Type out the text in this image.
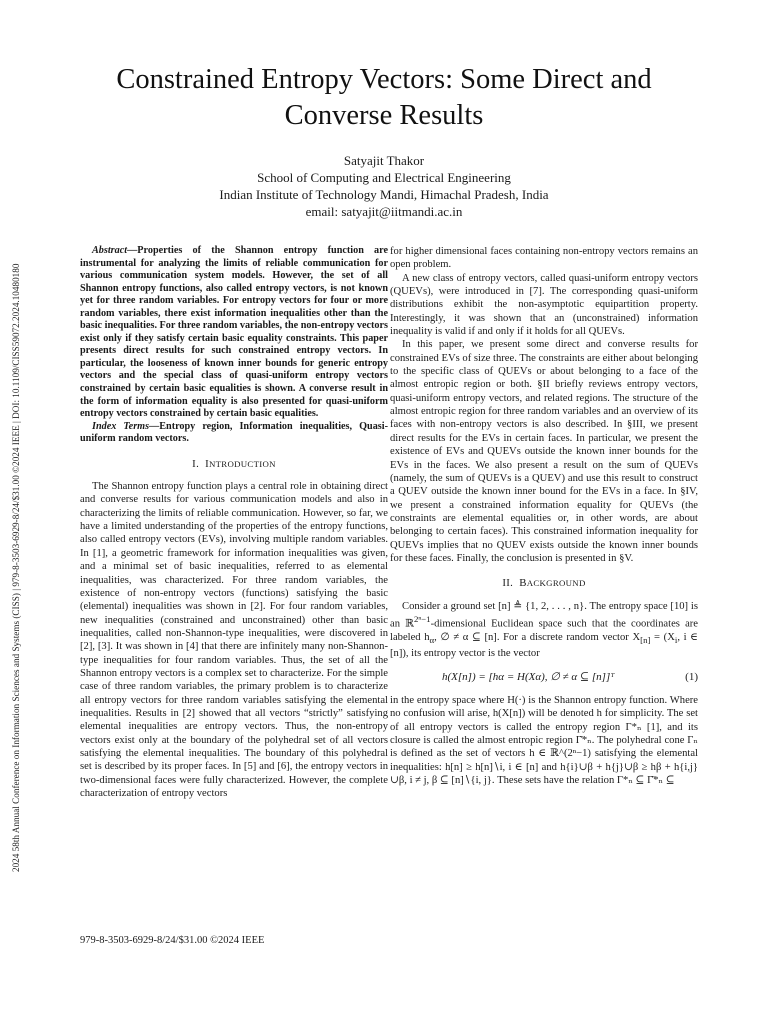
2024 58th Annual Conference on Information Sciences and Systems (CISS) | 979-8-3503-6929-8/24/$31.00 ©2024 IEEE | DOI: 10.1109/CISS59072.2024.10480180
Constrained Entropy Vectors: Some Direct and Converse Results
Satyajit Thakor
School of Computing and Electrical Engineering
Indian Institute of Technology Mandi, Himachal Pradesh, India
email: satyajit@iitmandi.ac.in

Abstract—Properties of the Shannon entropy function are instrumental for analyzing the limits of reliable communication for various communication system models. However, the set of all Shannon entropy functions, also called entropy vectors, is not known yet for three random variables. For entropy vectors for four or more random variables, there exist information inequalities other than the basic inequalities. For three random variables, the non-entropy vectors exist only if they satisfy certain basic equality constraints. This paper presents direct results for such constrained entropy vectors. In particular, the looseness of known inner bounds for generic entropy vectors and the special class of quasi-uniform entropy vectors constrained by certain basic equalities is shown. A converse result in the form of information equality is also presented for quasi-uniform entropy vectors constrained by certain basic equalities.

Index Terms—Entropy region, Information inequalities, Quasi-uniform random vectors.

I. INTRODUCTION

The Shannon entropy function plays a central role in obtaining direct and converse results for various communication models and also in characterizing the limits of reliable communication. However, so far, we have a limited understanding of the properties of the entropy functions, also called entropy vectors (EVs), involving multiple random variables. In [1], a geometric framework for information inequalities was given, and a minimal set of basic inequalities, referred to as elemental inequalities, was characterized. For three random variables, the existence of non-entropy vectors (functions) satisfying the basic (elemental) inequalities was shown in [2]. For four random variables, new inequalities (constrained and unconstrained) other than basic inequalities, called non-Shannon-type inequalities, were discovered in [2], [3]. It was shown in [4] that there are infinitely many non-Shannon-type inequalities for four random variables. Thus, the set of all the Shannon entropy vectors is a complex set to characterize. For the simple case of three random variables, the primary problem is to characterize all entropy vectors for three random variables satisfying the elemental inequalities. Results in [2] showed that all vectors “strictly” satisfying elemental inequalities are entropy vectors. Thus, the non-entropy vectors exist only at the boundary of the polyhedral set of all vectors satisfying the elemental inequalities. The boundary of this polyhedral set is described by its proper faces. In [5] and [6], the entropy vectors in two-dimensional faces were fully characterized. However, the complete characterization of entropy vectors

for higher dimensional faces containing non-entropy vectors remains an open problem.

A new class of entropy vectors, called quasi-uniform entropy vectors (QUEVs), were introduced in [7]. The corresponding quasi-uniform distributions exhibit the non-asymptotic equipartition property. Interestingly, it was shown that an (unconstrained) information inequality is valid if and only if it holds for all QUEVs.

In this paper, we present some direct and converse results for constrained EVs of size three. The constraints are either about belonging to the specific class of QUEVs or about belonging to a face of the almost entropic region or both. §II briefly reviews entropy vectors, quasi-uniform entropy vectors, and related regions. The structure of the almost entropic region for three random variables and an overview of its faces with non-entropy vectors is also described. In §III, we present direct results for the EVs in certain faces. In particular, we present the existence of EVs and QUEVs outside the known inner bounds for the EVs in the faces. We also present a result on the sum of QUEVs (namely, the sum of QUEVs is a QUEV) and use this result to construct a QUEV outside the known inner bound for the EVs in a face. In §IV, we present a constrained information equality for QUEVs (the constraints are elemental equalities or, in other words, are about belonging to certain faces). This constrained information inequality for QUEVs implies that no QUEV exists outside the known inner bounds for these faces. Finally, the conclusion is presented in §V.

II. BACKGROUND

Consider a ground set [n] ≜ {1, 2, . . . , n}. The entropy space [10] is an ℝ$^{2^n-1}$-dimensional Euclidean space such that the coordinates are labeled $h_\alpha$, ∅ ≠ α ⊆ [n]. For a discrete random vector $X_{[n]} = (X_i$, i ∈ [n]), its entropy vector is the vector

h(X[n]) = [hα = H(Xα), ∅ ≠ α ⊆ [n]]ᵀ	(1)

in the entropy space where H(·) is the Shannon entropy function. Where no confusion will arise, h(X[n]) will be denoted h for simplicity. The set of all entropy vectors is called the entropy region Γ*ₙ [1], and its closure is called the almost entropic region Γ̄*ₙ. The polyhedral cone Γₙ is defined as the set of vectors h ∈ ℝ^(2ⁿ−1) satisfying the elemental inequalities: h[n] ≥ h[n]∖i, i ∈ [n] and h{i}∪β + h{j}∪β ≥ hβ + h{i,j}∪β, i ≠ j, β ⊆ [n]∖{i, j}. These sets have the relation Γ*ₙ ⊆ Γ̄*ₙ ⊆

979-8-3503-6929-8/24/$31.00 ©2024 IEEE
